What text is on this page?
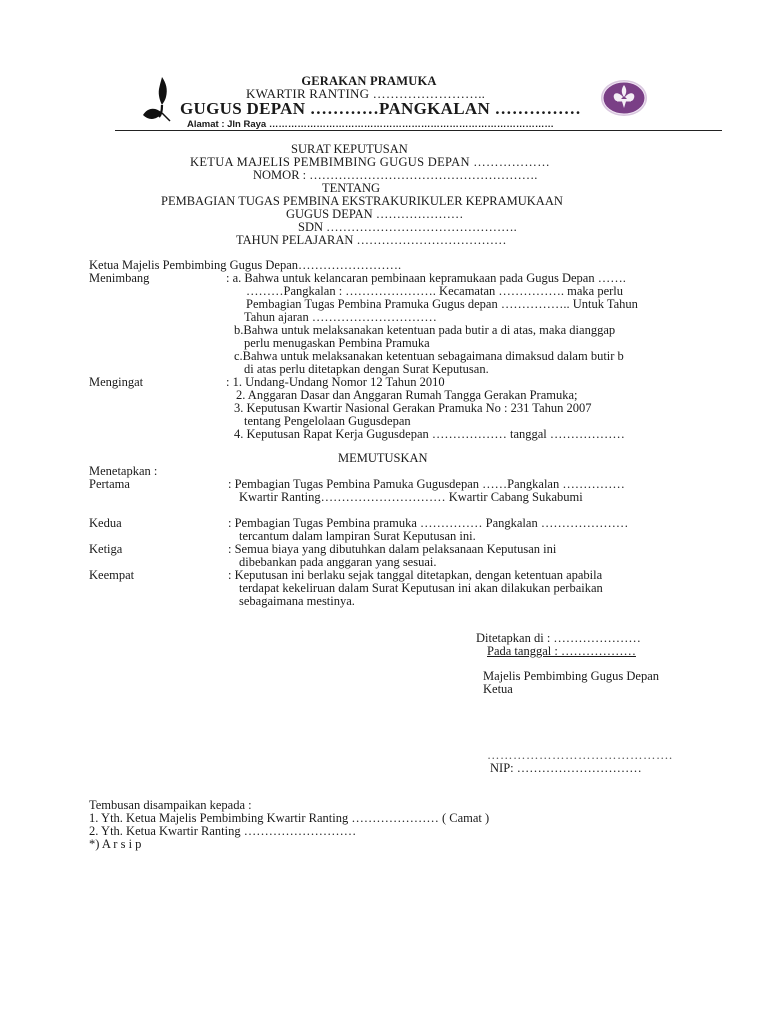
GERAKAN PRAMUKA
KWARTIR RANTING ……………………..
GUGUS DEPAN …………PANGKALAN ……………
Alamat : Jln Raya ………………………………………………………………………………
SURAT KEPUTUSAN
KETUA MAJELIS PEMBIMBING GUGUS DEPAN ………………
NOMOR : ……………………………………………….
TENTANG
PEMBAGIAN TUGAS PEMBINA EKSTRAKURIKULER KEPRAMUKAAN
GUGUS DEPAN …………………
SDN ……………………………………….
TAHUN PELAJARAN ………………………………
Ketua Majelis Pembimbing Gugus Depan…………………….
Menimbang	: a. Bahwa untuk kelancaran pembinaan kepramukaan pada Gugus Depan …….
………Pangkalan : …………………. Kecamatan ……………. maka perlu
Pembagian Tugas Pembina Pramuka Gugus depan …………….. Untuk Tahun
Tahun ajaran …………………………
b.Bahwa untuk melaksanakan ketentuan pada butir a di atas, maka dianggap
perlu menugaskan Pembina Pramuka
c.Bahwa untuk melaksanakan ketentuan sebagaimana dimaksud dalam butir b
di atas perlu ditetapkan dengan Surat Keputusan.
Mengingat	: 1. Undang-Undang Nomor 12 Tahun 2010
2. Anggaran Dasar dan Anggaran Rumah Tangga Gerakan Pramuka;
3. Keputusan Kwartir Nasional Gerakan Pramuka No : 231 Tahun 2007
tentang Pengelolaan Gugusdepan
4. Keputusan Rapat Kerja Gugusdepan ……………… tanggal ………………
MEMUTUSKAN
Menetapkan :
Pertama	: Pembagian Tugas Pembina Pamuka Gugusdepan ……Pangkalan ……………
Kwartir Ranting………………………… Kwartir Cabang Sukabumi
Kedua	: Pembagian Tugas Pembina pramuka …………… Pangkalan …………………
tercantum dalam lampiran Surat Keputusan ini.
Ketiga	: Semua biaya yang dibutuhkan dalam pelaksanaan Keputusan ini
dibebankan pada anggaran yang sesuai.
Keempat	: Keputusan ini berlaku sejak tanggal ditetapkan, dengan ketentuan apabila
terdapat kekeliruan dalam Surat Keputusan ini akan dilakukan perbaikan
sebagaimana mestinya.
Ditetapkan di : …………………
Pada tanggal : ………………
Majelis Pembimbing Gugus Depan
Ketua
…………………………………….
NIP: …………………………
Tembusan disampaikan kepada :
1. Yth. Ketua Majelis Pembimbing Kwartir Ranting ………………… ( Camat )
2. Yth. Ketua Kwartir Ranting ………………………
*) A r s i p
